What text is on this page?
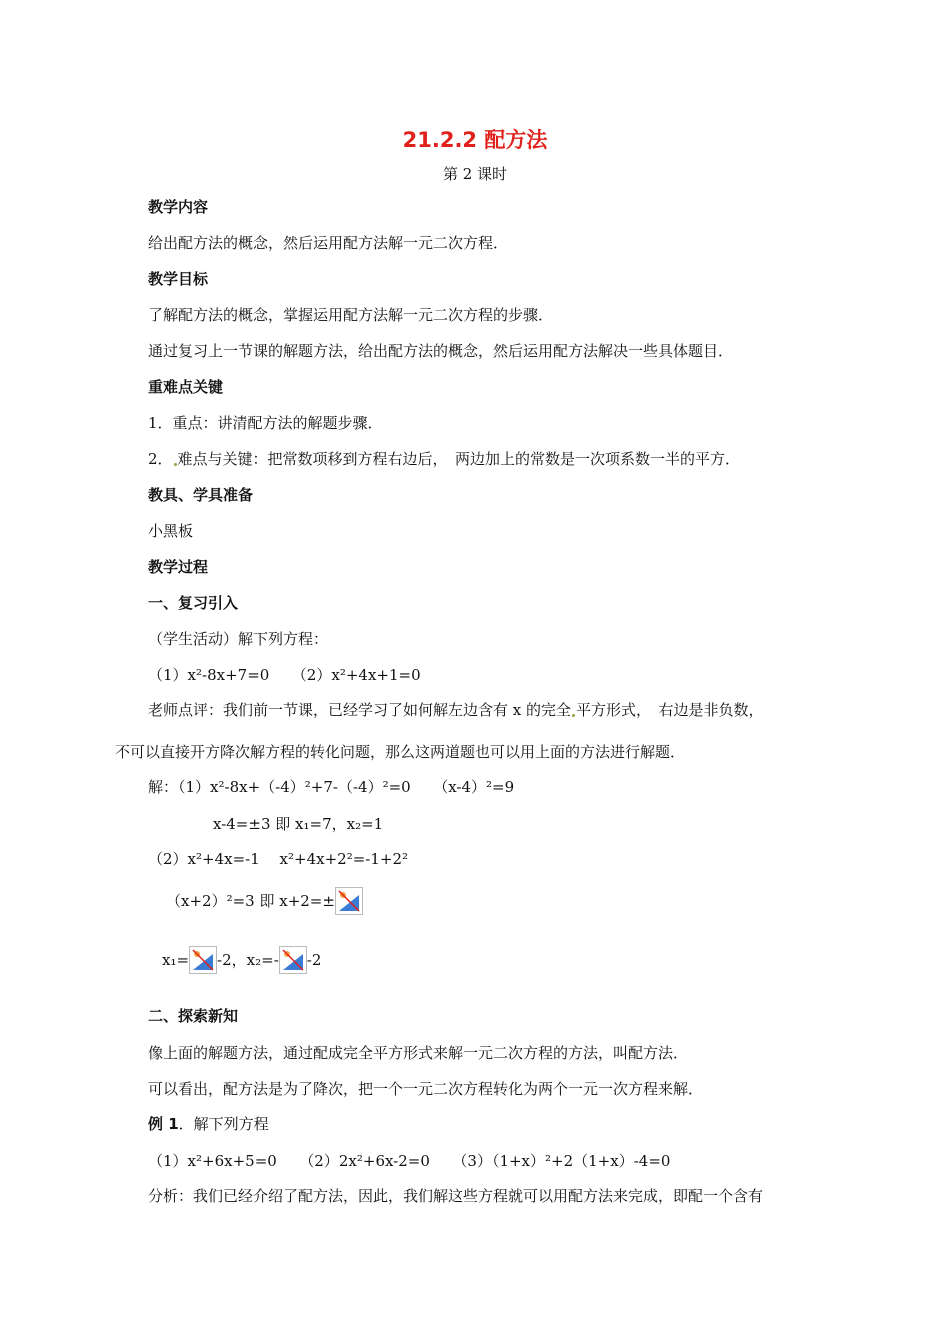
21.2.2 配方法
第 2 课时
教学内容
给出配方法的概念，然后运用配方法解一元二次方程．
教学目标
了解配方法的概念，掌握运用配方法解一元二次方程的步骤．
通过复习上一节课的解题方法，给出配方法的概念，然后运用配方法解决一些具体题目．
重难点关键
1．重点：讲清配方法的解题步骤．
2． 难点与关键：把常数项移到方程右边后，　两边加上的常数是一次项系数一半的平方．
教具、学具准备
小黑板
教学过程
一、复习引入
（学生活动）解下列方程：
（1）x²-8x+7=0　　（2）x²+4x+1=0
老师点评：我们前一节课，已经学习了如何解左边含有 x 的完全 平方形式，　右边是非负数，
不可以直接开方降次解方程的转化问题，那么这两道题也可以用上面的方法进行解题．
解：（1）x²-8x+（-4）²+7-（-4）²=0　　（x-4）²=9
x-4=±3 即 x₁=7，x₂=1
（2）x²+4x=-1　 x²+4x+2²=-1+2²
（x+2）²=3 即 x+2=±
x₁= -2，x₂=- -2
二、探索新知
像上面的解题方法，通过配成完全平方形式来解一元二次方程的方法，叫配方法．
可以看出，配方法是为了降次，把一个一元二次方程转化为两个一元一次方程来解．
例 1．解下列方程
（1）x²+6x+5=0　　（2）2x²+6x-2=0　　（3）（1+x）²+2（1+x）-4=0
分析：我们已经介绍了配方法，因此，我们解这些方程就可以用配方法来完成，即配一个含有
